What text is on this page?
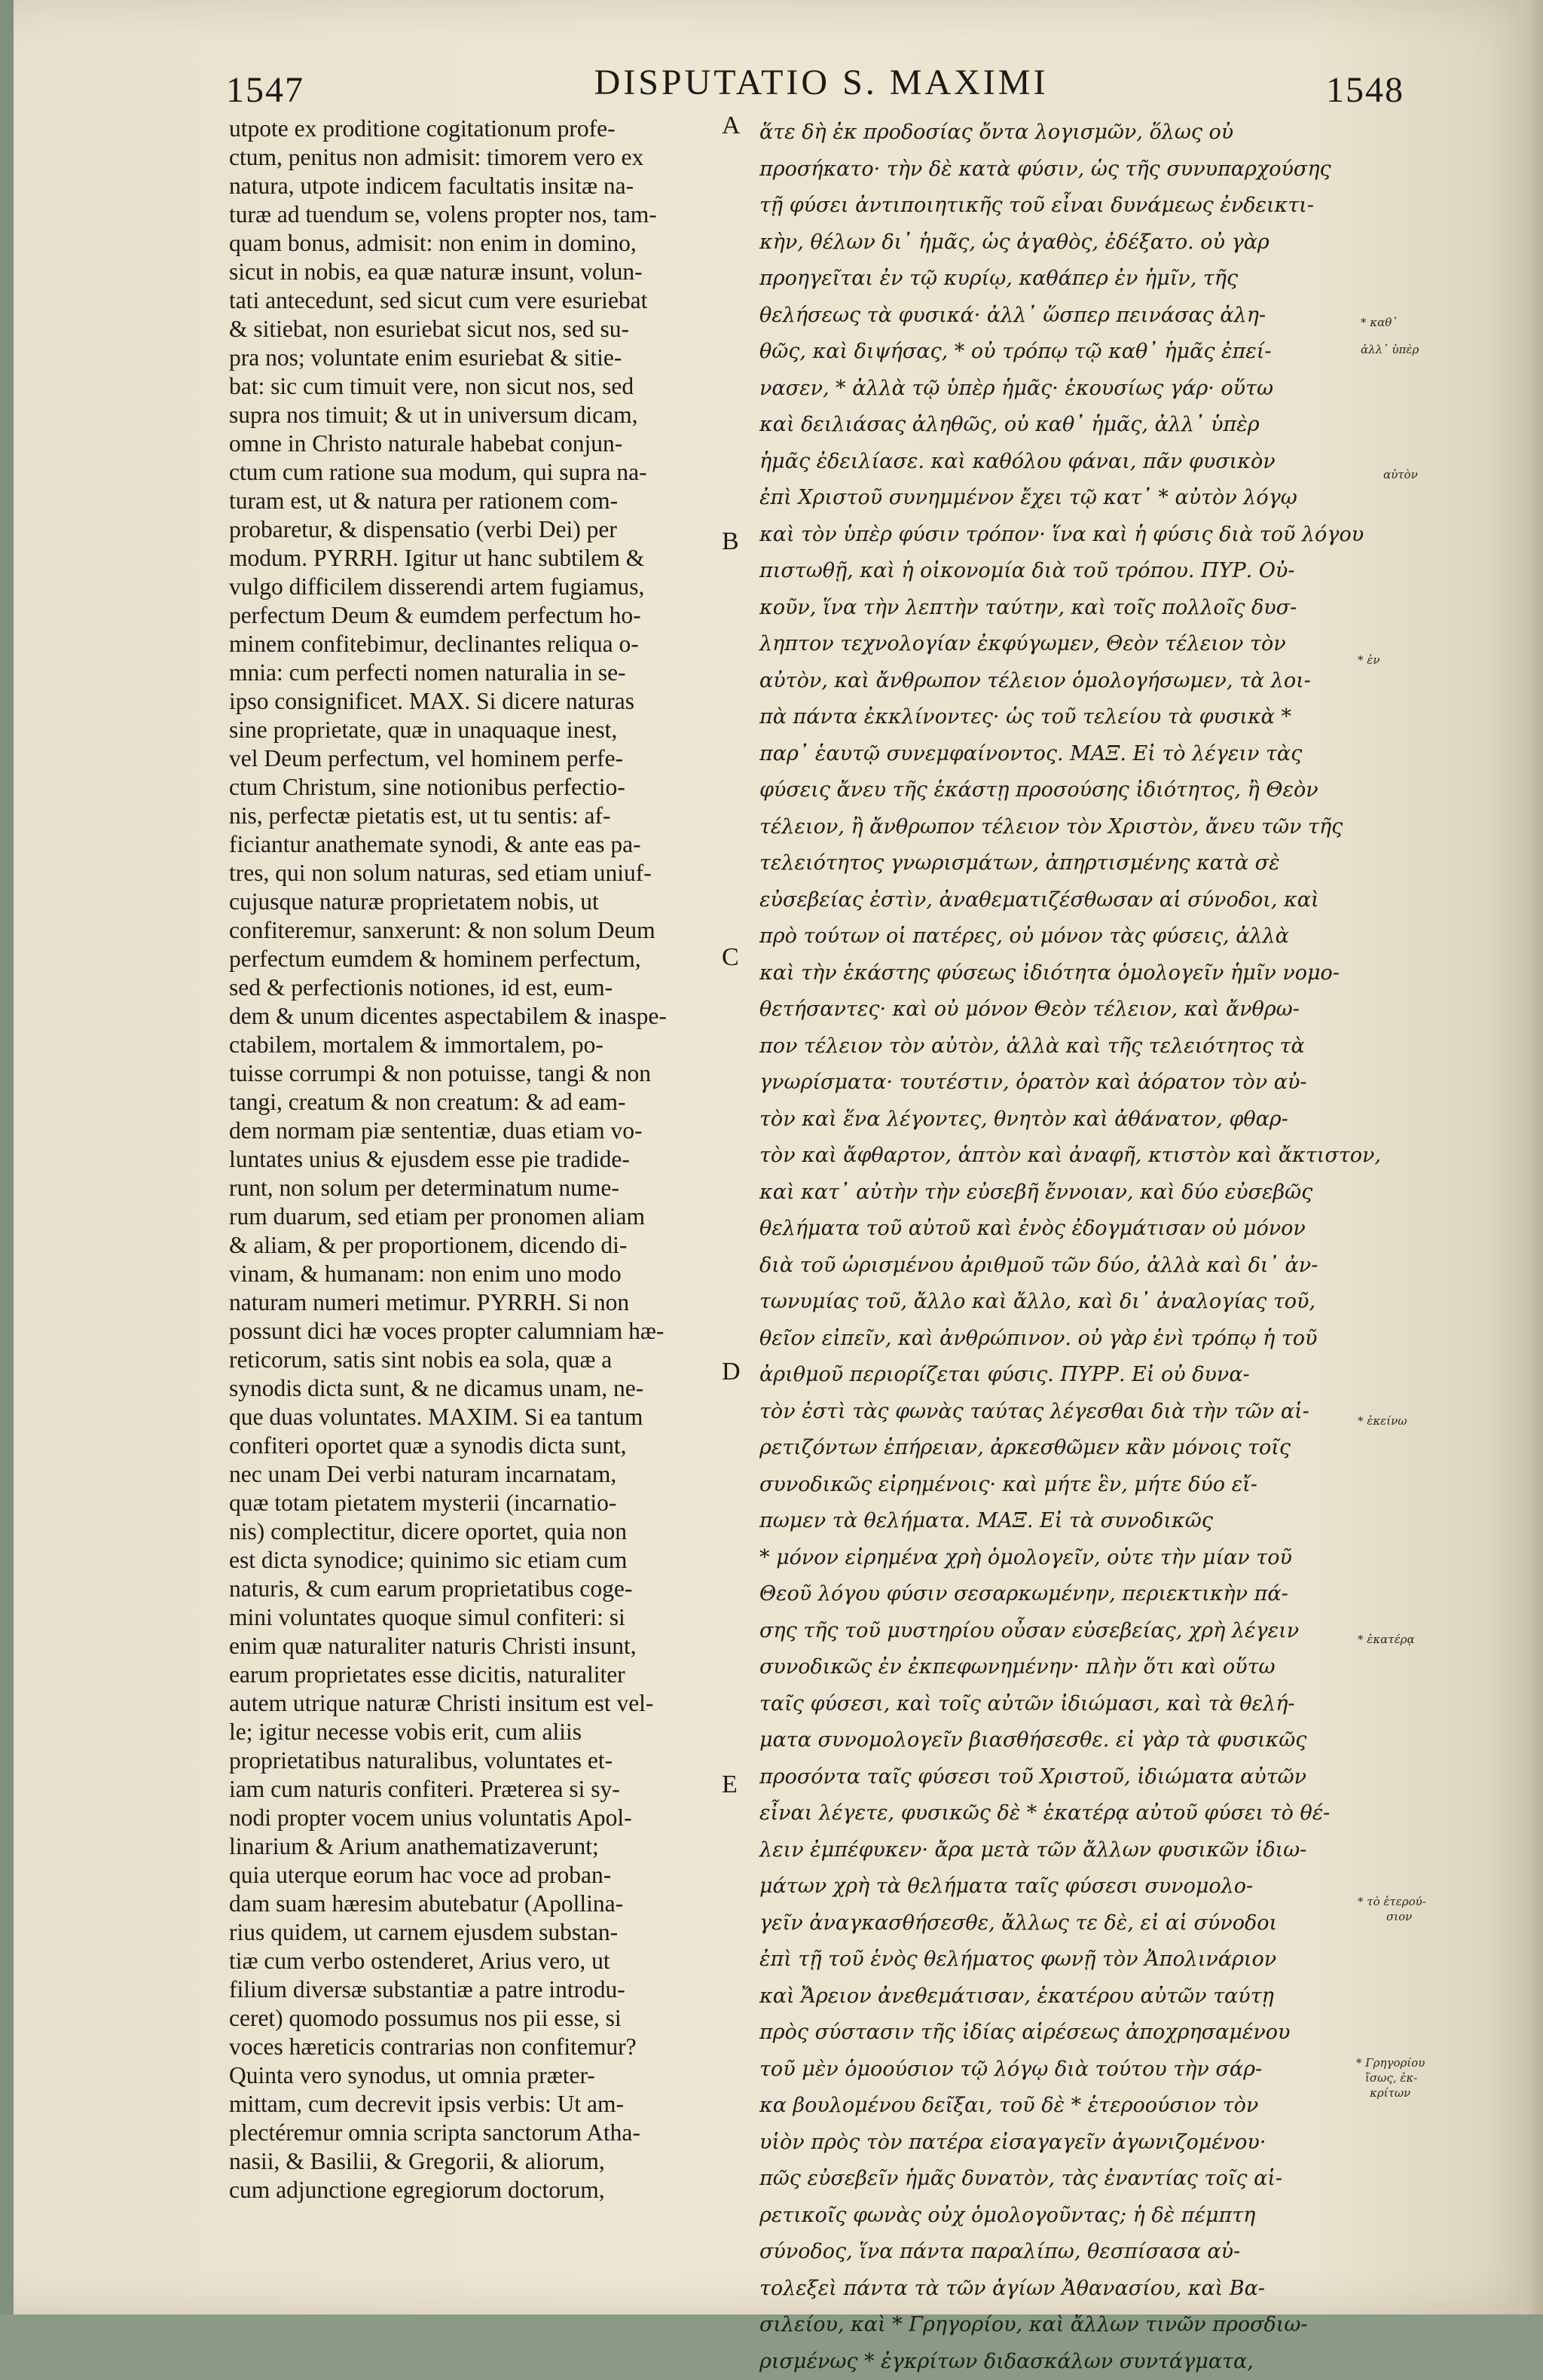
1547	DISPUTATIO S. MAXIMI	1548
utpote ex proditione cogitationum profe-
ctum, penitus non admisit: timorem vero ex
natura, utpote indicem facultatis insitæ na-
turæ ad tuendum se, volens propter nos, tam-
quam bonus, admisit: non enim in domino,
sicut in nobis, ea quæ naturæ insunt, volun-
tati antecedunt, sed sicut cum vere esuriebat
& sitiebat, non esuriebat sicut nos, sed su-
pra nos; voluntate enim esuriebat & sitie-
bat: sic cum timuit vere, non sicut nos, sed
supra nos timuit; & ut in universum dicam,
omne in Christo naturale habebat conjun-
ctum cum ratione sua modum, qui supra na-
turam est, ut & natura per rationem com-
probaretur, & dispensatio (verbi Dei) per
modum. PYRRH. Igitur ut hanc subtilem &
vulgo difficilem disserendi artem fugiamus,
perfectum Deum & eumdem perfectum ho-
minem confitebimur, declinantes reliqua o-
mnia: cum perfecti nomen naturalia in se-
ipso consignificet. MAX. Si dicere naturas
sine proprietate, quæ in unaquaque inest,
vel Deum perfectum, vel hominem perfe-
ctum Christum, sine notionibus perfectio-
nis, perfectæ pietatis est, ut tu sentis: af-
ficiantur anathemate synodi, & ante eas pa-
tres, qui non solum naturas, sed etiam uniuf-
cujusque naturæ proprietatem nobis, ut
confiteremur, sanxerunt: & non solum Deum
perfectum eumdem & hominem perfectum,
sed & perfectionis notiones, id est, eum-
dem & unum dicentes aspectabilem & inaspe-
ctabilem, mortalem & immortalem, po-
tuisse corrumpi & non potuisse, tangi & non
tangi, creatum & non creatum: & ad eam-
dem normam piæ sententiæ, duas etiam vo-
luntates unius & ejusdem esse pie tradide-
runt, non solum per determinatum nume-
rum duarum, sed etiam per pronomen aliam
& aliam, & per proportionem, dicendo di-
vinam, & humanam: non enim uno modo
naturam numeri metimur. PYRRH. Si non
possunt dici hæ voces propter calumniam hæ-
reticorum, satis sint nobis ea sola, quæ a
synodis dicta sunt, & ne dicamus unam, ne-
que duas voluntates. MAXIM. Si ea tantum
confiteri oportet quæ a synodis dicta sunt,
nec unam Dei verbi naturam incarnatam,
quæ totam pietatem mysterii (incarnatio-
nis) complectitur, dicere oportet, quia non
est dicta synodice; quinimo sic etiam cum
naturis, & cum earum proprietatibus coge-
mini voluntates quoque simul confiteri: si
enim quæ naturaliter naturis Christi insunt,
earum proprietates esse dicitis, naturaliter
autem utrique naturæ Christi insitum est vel-
le; igitur necesse vobis erit, cum aliis
proprietatibus naturalibus, voluntates et-
iam cum naturis confiteri. Præterea si sy-
nodi propter vocem unius voluntatis Apol-
linarium & Arium anathematizaverunt;
quia uterque eorum hac voce ad proban-
dam suam hæresim abutebatur (Apollina-
rius quidem, ut carnem ejusdem substan-
tiæ cum verbo ostenderet, Arius vero, ut
filium diversæ substantiæ a patre introdu-
ceret) quomodo possumus nos pii esse, si
voces hæreticis contrarias non confitemur?
Quinta vero synodus, ut omnia præter-
mittam, cum decrevit ipsis verbis: Ut am-
plectéremur omnia scripta sanctorum Atha-
nasii, & Basilii, & Gregorii, & aliorum,
cum adjunctione egregiorum doctorum,
ἅτε δὴ ἐκ προδοσίας ὄντα λογισμῶν, ὅλως οὐ
προσήκατο· τὴν δὲ κατὰ φύσιν, ὡς τῆς συνυπαρχούσης
τῇ φύσει ἀντιποιητικῆς τοῦ εἶναι δυνάμεως ἐνδεικτι-
κὴν, θέλων δι᾽ ἡμᾶς, ὡς ἀγαθὸς, ἐδέξατο. οὐ γὰρ
προηγεῖται ἐν τῷ κυρίῳ, καθάπερ ἐν ἡμῖν, τῆς
θελήσεως τὰ φυσικά· ἀλλ᾽ ὥσπερ πεινάσας ἀλη-
θῶς, καὶ διψήσας, * οὐ τρόπῳ τῷ καθ᾽ ἡμᾶς ἐπεί-
νασεν, * ἀλλὰ τῷ ὑπὲρ ἡμᾶς· ἑκουσίως γάρ· οὕτω
καὶ δειλιάσας ἀληθῶς, οὐ καθ᾽ ἡμᾶς, ἀλλ᾽ ὑπὲρ
ἡμᾶς ἐδειλίασε. καὶ καθόλου φάναι, πᾶν φυσικὸν
ἐπὶ Χριστοῦ συνημμένον ἔχει τῷ κατ᾽ * αὐτὸν λόγῳ
καὶ τὸν ὑπὲρ φύσιν τρόπον· ἵνα καὶ ἡ φύσις διὰ τοῦ λόγου
πιστωθῇ, καὶ ἡ οἰκονομία διὰ τοῦ τρόπου. ΠΥΡ. Οὐ-
κοῦν, ἵνα τὴν λεπτὴν ταύτην, καὶ τοῖς πολλοῖς δυσ-
ληπτον τεχνολογίαν ἐκφύγωμεν, Θεὸν τέλειον τὸν
αὐτὸν, καὶ ἄνθρωπον τέλειον ὁμολογήσωμεν, τὰ λοι-
πὰ πάντα ἐκκλίνοντες· ὡς τοῦ τελείου τὰ φυσικὰ *
παρ᾽ ἑαυτῷ συνεμφαίνοντος. ΜΑΞ. Εἰ τὸ λέγειν τὰς
φύσεις ἄνευ τῆς ἑκάστῃ προσούσης ἰδιότητος, ἢ Θεὸν
τέλειον, ἢ ἄνθρωπον τέλειον τὸν Χριστὸν, ἄνευ τῶν τῆς
τελειότητος γνωρισμάτων, ἀπηρτισμένης κατὰ σὲ
εὐσεβείας ἐστὶν, ἀναθεματιζέσθωσαν αἱ σύνοδοι, καὶ
πρὸ τούτων οἱ πατέρες, οὐ μόνον τὰς φύσεις, ἀλλὰ
καὶ τὴν ἑκάστης φύσεως ἰδιότητα ὁμολογεῖν ἡμῖν νομο-
θετήσαντες· καὶ οὐ μόνον Θεὸν τέλειον, καὶ ἄνθρω-
πον τέλειον τὸν αὐτὸν, ἀλλὰ καὶ τῆς τελειότητος τὰ
γνωρίσματα· τουτέστιν, ὁρατὸν καὶ ἀόρατον τὸν αὐ-
τὸν καὶ ἕνα λέγοντες, θνητὸν καὶ ἀθάνατον, φθαρ-
τὸν καὶ ἄφθαρτον, ἁπτὸν καὶ ἀναφῆ, κτιστὸν καὶ ἄκτιστον,
καὶ κατ᾽ αὐτὴν τὴν εὐσεβῆ ἔννοιαν, καὶ δύο εὐσεβῶς
θελήματα τοῦ αὐτοῦ καὶ ἑνὸς ἐδογμάτισαν οὐ μόνον
διὰ τοῦ ὡρισμένου ἀριθμοῦ τῶν δύο, ἀλλὰ καὶ δι᾽ ἀν-
τωνυμίας τοῦ, ἄλλο καὶ ἄλλο, καὶ δι᾽ ἀναλογίας τοῦ,
θεῖον εἰπεῖν, καὶ ἀνθρώπινον. οὐ γὰρ ἑνὶ τρόπῳ ἡ τοῦ
ἀριθμοῦ περιορίζεται φύσις. ΠΥΡΡ. Εἰ οὐ δυνα-
τὸν ἐστὶ τὰς φωνὰς ταύτας λέγεσθαι διὰ τὴν τῶν αἱ-
ρετιζόντων ἐπήρειαν, ἀρκεσθῶμεν κἂν μόνοις τοῖς
συνοδικῶς εἰρημένοις· καὶ μήτε ἓν, μήτε δύο εἴ-
πωμεν τὰ θελήματα. ΜΑΞ. Εἰ τὰ συνοδικῶς
* μόνον εἰρημένα χρὴ ὁμολογεῖν, οὐτε τὴν μίαν τοῦ
Θεοῦ λόγου φύσιν σεσαρκωμένην, περιεκτικὴν πά-
σης τῆς τοῦ μυστηρίου οὖσαν εὐσεβείας, χρὴ λέγειν
συνοδικῶς ἐν ἐκπεφωνημένην· πλὴν ὅτι καὶ οὕτω
ταῖς φύσεσι, καὶ τοῖς αὐτῶν ἰδιώμασι, καὶ τὰ θελή-
ματα συνομολογεῖν βιασθήσεσθε. εἰ γὰρ τὰ φυσικῶς
προσόντα ταῖς φύσεσι τοῦ Χριστοῦ, ἰδιώματα αὐτῶν
εἶναι λέγετε, φυσικῶς δὲ * ἑκατέρᾳ αὐτοῦ φύσει τὸ θέ-
λειν ἐμπέφυκεν· ἄρα μετὰ τῶν ἄλλων φυσικῶν ἰδιω-
μάτων χρὴ τὰ θελήματα ταῖς φύσεσι συνομολο-
γεῖν ἀναγκασθήσεσθε, ἄλλως τε δὲ, εἰ αἱ σύνοδοι
ἐπὶ τῇ τοῦ ἑνὸς θελήματος φωνῇ τὸν Ἀπολινάριον
καὶ Ἄρειον ἀνεθεμάτισαν, ἑκατέρου αὐτῶν ταύτῃ
πρὸς σύστασιν τῆς ἰδίας αἱρέσεως ἀποχρησαμένου
τοῦ μὲν ὁμοούσιον τῷ λόγῳ διὰ τούτου τὴν σάρ-
κα βουλομένου δεῖξαι, τοῦ δὲ * ἑτεροούσιον τὸν
υἱὸν πρὸς τὸν πατέρα εἰσαγαγεῖν ἀγωνιζομένου·
πῶς εὐσεβεῖν ἡμᾶς δυνατὸν, τὰς ἐναντίας τοῖς αἱ-
ρετικοῖς φωνὰς οὐχ ὁμολογοῦντας; ἡ δὲ πέμπτη
σύνοδος, ἵνα πάντα παραλίπω, θεσπίσασα αὐ-
τολεξεὶ πάντα τὰ τῶν ἁγίων Ἀθανασίου, καὶ Βα-
σιλείου, καὶ * Γρηγορίου, καὶ ἄλλων τινῶν προσδιω-
ρισμένως * ἐγκρίτων διδασκάλων συντάγματα,
A
B
C
D
E
* καθ᾽
ἀλλ᾽ ὑπὲρ
αὐτὸν
* ἐν
* ἐκείνω
* ἑκατέρᾳ
* τὸ ἑτερού-
σιον
* Γρηγορίου
ἴσως, ἐκ-
κρίτων
